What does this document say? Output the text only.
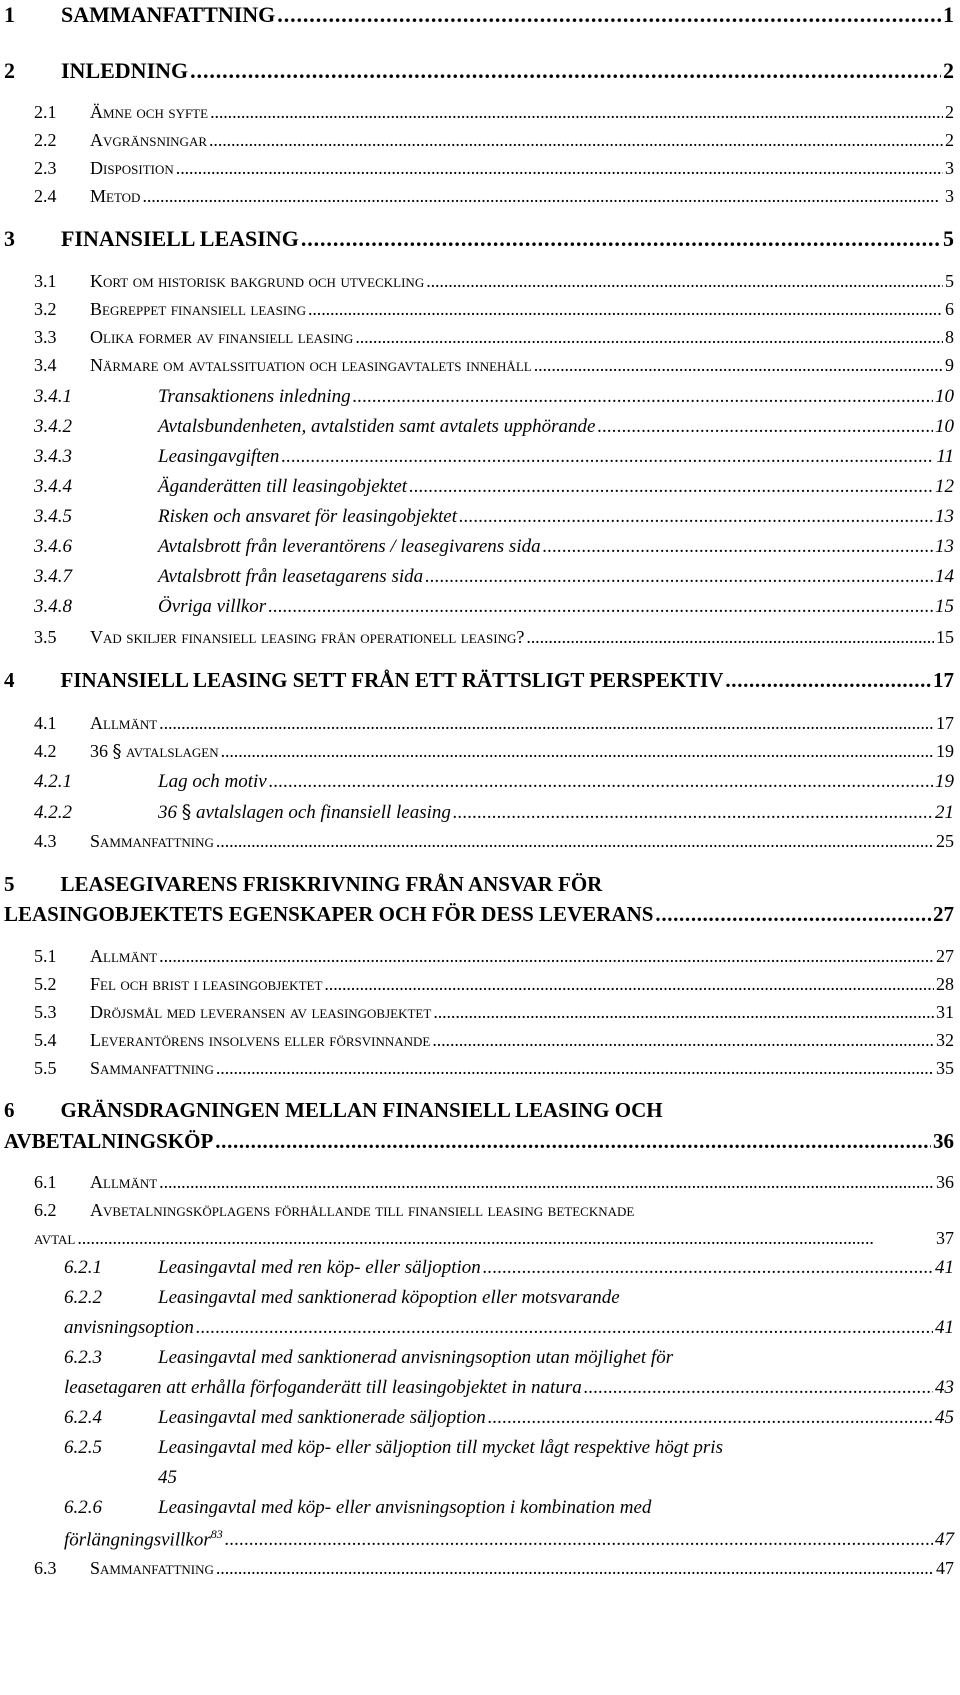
1 SAMMANFATTNING . . .	1
2 INLEDNING . . .	2
2.1 Ämne och syfte . . .	2
2.2 Avgränsningar . . .	2
2.3 Disposition . . .	3
2.4 Metod . . .	3
3 FINANSIELL LEASING . . .	5
3.1 Kort om historisk bakgrund och utveckling . . .	5
3.2 Begreppet finansiell leasing . . .	6
3.3 Olika former av finansiell leasing . . .	8
3.4 Närmare om avtalssituation och leasingavtalets innehåll . . .	9
3.4.1	Transaktionens inledning . . .	10
3.4.2	Avtalsbundenheten, avtalstiden samt avtalets upphörande . . .	10
3.4.3	Leasingavgiften . . .	11
3.4.4	Äganderätten till leasingobjektet . . .	12
3.4.5	Risken och ansvaret för leasingobjektet . . .	13
3.4.6	Avtalsbrott från leverantörens / leasegivarens sida . . .	13
3.4.7	Avtalsbrott från leasetagarens sida . . .	14
3.4.8	Övriga villkor . . .	15
3.5 Vad skiljer finansiell leasing från operationell leasing? . . .	15
4 FINANSIELL LEASING SETT FRÅN ETT RÄTTSLIGT PERSPEKTIV . . .	17
4.1 Allmänt . . .	17
4.2 36 § avtalslagen . . .	19
4.2.1	Lag och motiv . . .	19
4.2.2	36 § avtalslagen och finansiell leasing . . .	21
4.3 Sammanfattning . . .	25
5 LEASEGIVARENS FRISKRIVNING FRÅN ANSVAR FÖR
LEASINGOBJEKTETS EGENSKAPER OCH FÖR DESS LEVERANS . . .	27
5.1 Allmänt . . .	27
5.2 Fel och brist i leasingobjektet . . .	28
5.3 Dröjsmål med leveransen av leasingobjektet . . .	31
5.4 Leverantörens insolvens eller försvinnande . . .	32
5.5 Sammanfattning . . .	35
6 GRÄNSDRAGNINGEN MELLAN FINANSIELL LEASING OCH
AVBETALNINGSKÖP . . .	36
6.1 Allmänt . . .	36
6.2 Avbetalningsköplagens förhållande till finansiell leasing betecknade
avtal . . .	37
6.2.1	Leasingavtal med ren köp- eller säljoption . . .	41
6.2.2	Leasingavtal med sanktionerad köpoption eller motsvarande
anvisningsoption . . .	41
6.2.3	Leasingavtal med sanktionerad anvisningsoption utan möjlighet för
leasetagaren att erhålla förfoganderätt till leasingobjektet in natura . . .	43
6.2.4	Leasingavtal med sanktionerade säljoption . . .	45
6.2.5	Leasingavtal med köp- eller säljoption till mycket lågt respektive högt pris
45
6.2.6	Leasingavtal med köp- eller anvisningsoption i kombination med
förlängningsvillkor$^{83}$ . . .	47
6.3 Sammanfattning . . .	47
